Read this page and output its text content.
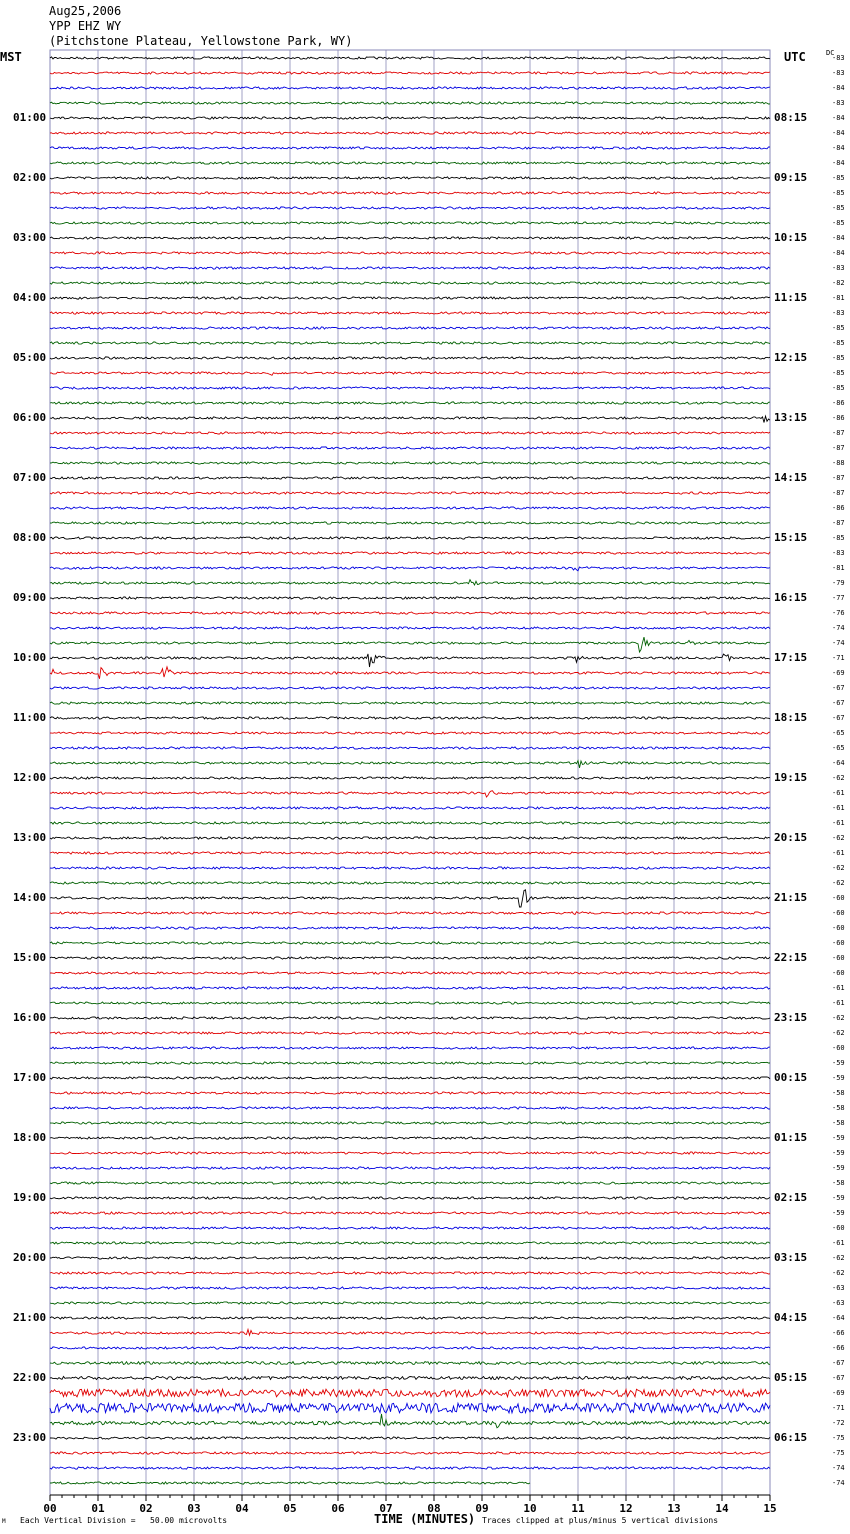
Aug25,2006
YPP EHZ WY
(Pitchstone Plateau, Yellowstone Park, WY)
MST	UTC	DC
01:00
02:00
03:00
04:00
05:00
06:00
07:00
08:00
09:00
10:00
11:00
12:00
13:00
14:00
15:00
16:00
17:00
18:00
19:00
20:00
21:00
22:00
23:00
08:15
09:15
10:15
11:15
12:15
13:15
14:15
15:15
16:15
17:15
18:15
19:15
20:15
21:15
22:15
23:15
00:15
01:15
02:15
03:15
04:15
05:15
06:15
-83
-83
-84
-83
-84
-84
-84
-84
-85
-85
-85
-85
-84
-84
-83
-82
-81
-83
-85
-85
-85
-85
-85
-86
-86
-87
-87
-88
-87
-87
-86
-87
-85
-83
-81
-79
-77
-76
-74
-74
-71
-69
-67
-67
-67
-65
-65
-64
-62
-61
-61
-61
-62
-61
-62
-62
-60
-60
-60
-60
-60
-60
-61
-61
-62
-62
-60
-59
-59
-58
-58
-58
-59
-59
-59
-58
-59
-59
-60
-61
-62
-62
-63
-63
-64
-66
-66
-67
-67
-69
-71
-72
-75
-75
-74
-74
00	01	02	03	04	05	06	07	08	09	10	11	12	13	14	15
TIME (MINUTES)
Each Vertical Division =   50.00 microvolts	Traces clipped at plus/minus 5 vertical divisions
M
